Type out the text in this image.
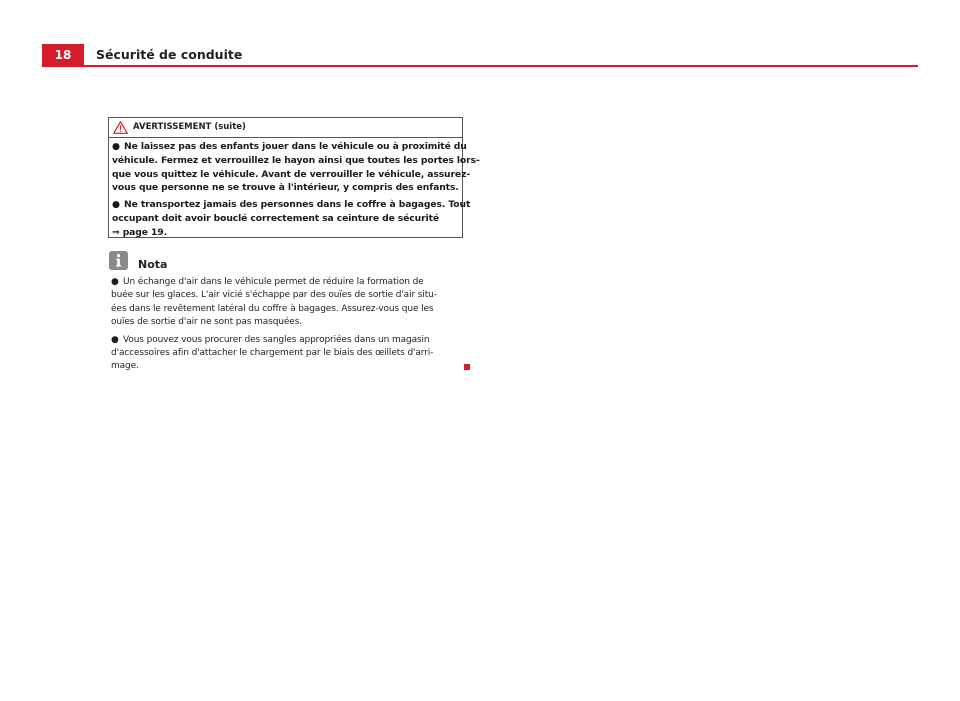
18	Sécurité de conduite
AVERTISSEMENT (suite)

● Ne laissez pas des enfants jouer dans le véhicule ou à proximité du
véhicule. Fermez et verrouillez le hayon ainsi que toutes les portes lors-
que vous quittez le véhicule. Avant de verrouiller le véhicule, assurez-
vous que personne ne se trouve à l'intérieur, y compris des enfants.

● Ne transportez jamais des personnes dans le coffre à bagages. Tout
occupant doit avoir bouclé correctement sa ceinture de sécurité
⇒ page 19.

Nota

● Un échange d'air dans le véhicule permet de réduire la formation de
buée sur les glaces. L'air vicié s'échappe par des ouïes de sortie d'air situ-
ées dans le revêtement latéral du coffre à bagages. Assurez-vous que les
ouïes de sortie d'air ne sont pas masquées.

● Vous pouvez vous procurer des sangles appropriées dans un magasin
d'accessoires afin d'attacher le chargement par le biais des œillets d'arri-
mage.
